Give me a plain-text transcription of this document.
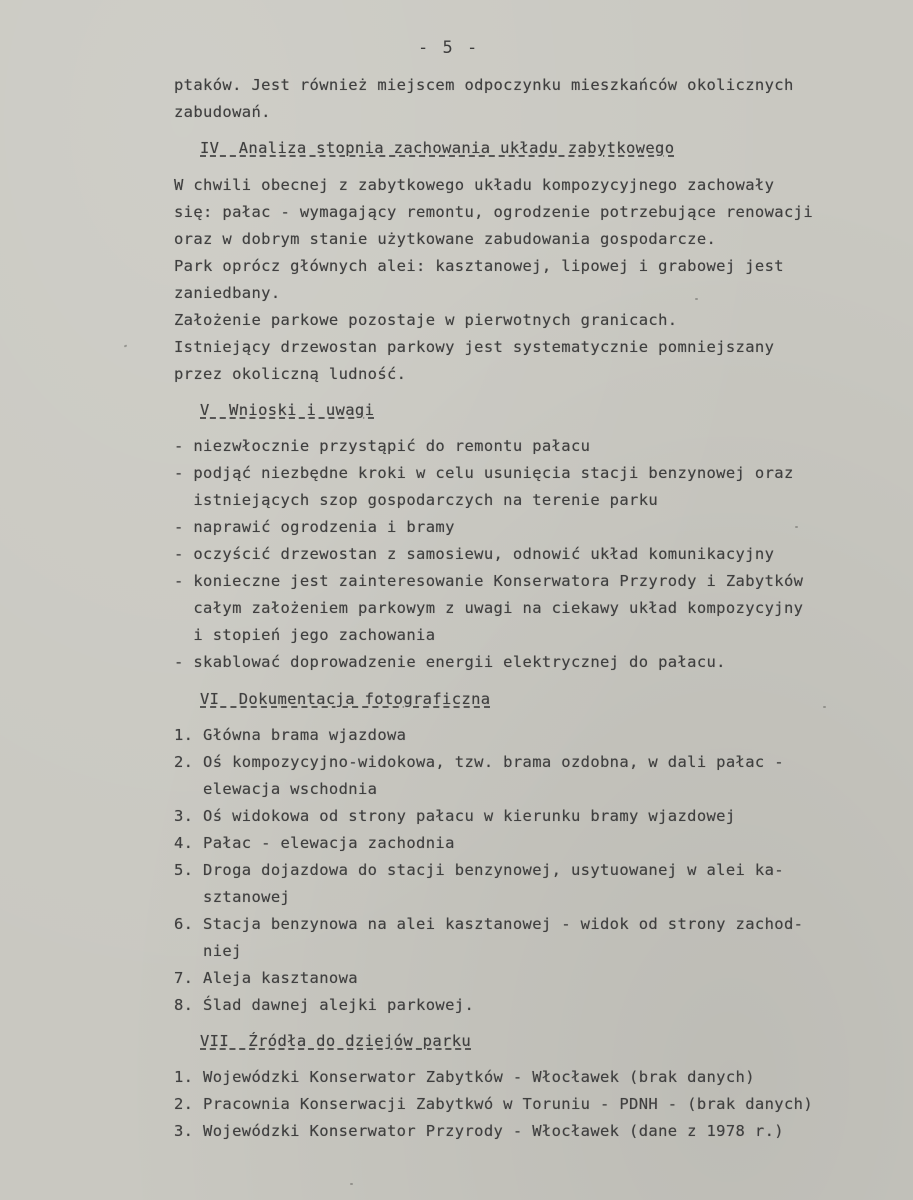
- 5 -
ptaków. Jest również miejscem odpoczynku mieszkańców okolicznych
zabudowań.
IV  Analiza stopnia zachowania układu zabytkowego
W chwili obecnej z zabytkowego układu kompozycyjnego zachowały
się: pałac - wymagający remontu, ogrodzenie potrzebujące renowacji
oraz w dobrym stanie użytkowane zabudowania gospodarcze.
Park oprócz głównych alei: kasztanowej, lipowej i grabowej jest
zaniedbany.
Założenie parkowe pozostaje w pierwotnych granicach.
Istniejący drzewostan parkowy jest systematycznie pomniejszany
przez okoliczną ludność.
V  Wnioski i uwagi
- niezwłocznie przystąpić do remontu pałacu
- podjąć niezbędne kroki w celu usunięcia stacji benzynowej oraz
istniejących szop gospodarczych na terenie parku
- naprawić ogrodzenia i bramy
- oczyścić drzewostan z samosiewu, odnowić układ komunikacyjny
- konieczne jest zainteresowanie Konserwatora Przyrody i Zabytków
całym założeniem parkowym z uwagi na ciekawy układ kompozycyjny
i stopień jego zachowania
- skablować doprowadzenie energii elektrycznej do pałacu.
VI  Dokumentacja fotograficzna
1. Główna brama wjazdowa
2. Oś kompozycyjno-widokowa, tzw. brama ozdobna, w dali pałac -
elewacja wschodnia
3. Oś widokowa od strony pałacu w kierunku bramy wjazdowej
4. Pałac - elewacja zachodnia
5. Droga dojazdowa do stacji benzynowej, usytuowanej w alei ka-
sztanowej
6. Stacja benzynowa na alei kasztanowej - widok od strony zachod-
niej
7. Aleja kasztanowa
8. Ślad dawnej alejki parkowej.
VII  Źródła do dziejów parku
1. Wojewódzki Konserwator Zabytków - Włocławek (brak danych)
2. Pracownia Konserwacji Zabytkwó w Toruniu - PDNH - (brak danych)
3. Wojewódzki Konserwator Przyrody - Włocławek (dane z 1978 r.)
